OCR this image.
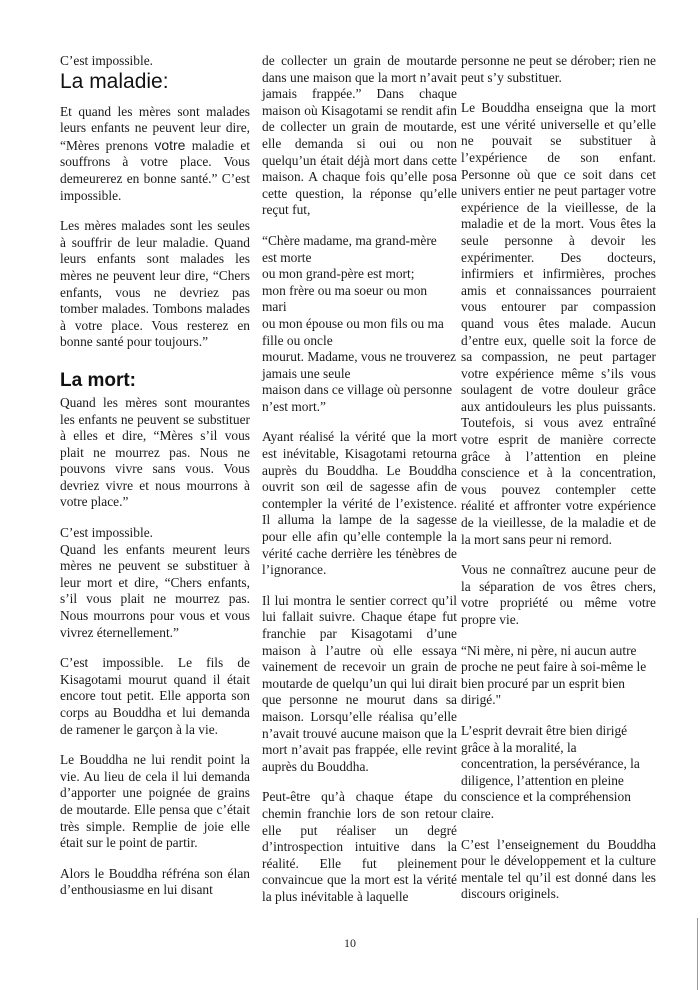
C’est impossible.

La maladie:

Et quand les mères sont malades leurs enfants ne peuvent leur dire, “Mères prenons votre maladie et souffrons à votre place. Vous demeurerez en bonne santé.” C’est impossible.

Les mères malades sont les seules à souffrir de leur maladie. Quand leurs enfants sont malades les mères ne peuvent leur dire, “Chers enfants, vous ne devriez pas tomber malades. Tombons malades à votre place. Vous resterez en bonne santé pour toujours.”

La mort:

Quand les mères sont mourantes les enfants ne peuvent se substituer à elles et dire, “Mères s’il vous plait ne mourrez pas. Nous ne pouvons vivre sans vous. Vous devriez vivre et nous mourrons à votre place.”

C’est impossible.

Quand les enfants meurent leurs mères ne peuvent se substituer à leur mort et dire, “Chers enfants, s’il vous plait ne mourrez pas. Nous mourrons pour vous et vous vivrez éternellement.”

C’est impossible. Le fils de Kisagotami mourut quand il était encore tout petit. Elle apporta son corps au Bouddha et lui demanda de ramener le garçon à la vie.

Le Bouddha ne lui rendit point la vie. Au lieu de cela il lui demanda d’apporter une poignée de grains de moutarde. Elle pensa que c’était très simple. Remplie de joie elle était sur le point de partir.

Alors le Bouddha réfréna son élan d’enthousiasme en lui disant

de collecter un grain de moutarde dans une maison que la mort n’avait jamais frappée.” Dans chaque maison où Kisagotami se rendit afin de collecter un grain de moutarde, elle demanda si oui ou non quelqu’un était déjà mort dans cette maison. A chaque fois qu’elle posa cette question, la réponse qu’elle reçut fut,

“Chère madame, ma grand-mère
est morte
ou mon grand-père est mort;
mon frère ou ma soeur ou mon
mari
ou mon épouse ou mon fils ou ma
fille ou oncle
mourut. Madame, vous ne trouverez jamais une seule
maison dans ce village où personne n’est mort.”

Ayant réalisé la vérité que la mort est inévitable, Kisagotami retourna auprès du Bouddha. Le Bouddha ouvrit son œil de sagesse afin de contempler la vérité de l’existence. Il alluma la lampe de la sagesse pour elle afin qu’elle contemple la vérité cache derrière les ténèbres de l’ignorance.

Il lui montra le sentier correct qu’il lui fallait suivre. Chaque étape fut franchie par Kisagotami d’une maison à l’autre où elle essaya vainement de recevoir un grain de moutarde de quelqu’un qui lui dirait que personne ne mourut dans sa maison. Lorsqu’elle réalisa qu’elle n’avait trouvé aucune maison que la mort n’avait pas frappée, elle revint auprès du Bouddha.

Peut-être qu’à chaque étape du chemin franchie lors de son retour elle put réaliser un degré d’introspection intuitive dans la réalité. Elle fut pleinement convaincue que la mort est la vérité la plus inévitable à laquelle

personne ne peut se dérober; rien ne peut s’y substituer.

Le Bouddha enseigna que la mort est une vérité universelle et qu’elle ne pouvait se substituer à l’expérience de son enfant. Personne où que ce soit dans cet univers entier ne peut partager votre expérience de la vieillesse, de la maladie et de la mort. Vous êtes la seule personne à devoir les expérimenter. Des docteurs, infirmiers et infirmières, proches amis et connaissances pourraient vous entourer par compassion quand vous êtes malade. Aucun d’entre eux, quelle soit la force de sa compassion, ne peut partager votre expérience même s’ils vous soulagent de votre douleur grâce aux antidouleurs les plus puissants. Toutefois, si vous avez entraîné votre esprit de manière correcte grâce à l’attention en pleine conscience et à la concentration, vous pouvez contempler cette réalité et affronter votre expérience de la vieillesse, de la maladie et de la mort sans peur ni remord.

Vous ne connaîtrez aucune peur de la séparation de vos êtres chers, votre propriété ou même votre propre vie.

“Ni mère, ni père, ni aucun autre proche ne peut faire à soi-même le bien procuré par un esprit bien dirigé."

L’esprit devrait être bien dirigé grâce à la moralité, la concentration, la persévérance, la diligence, l’attention en pleine conscience et la compréhension claire.

C’est l’enseignement du Bouddha pour le développement et la culture mentale tel qu’il est donné dans les discours originels.

10
